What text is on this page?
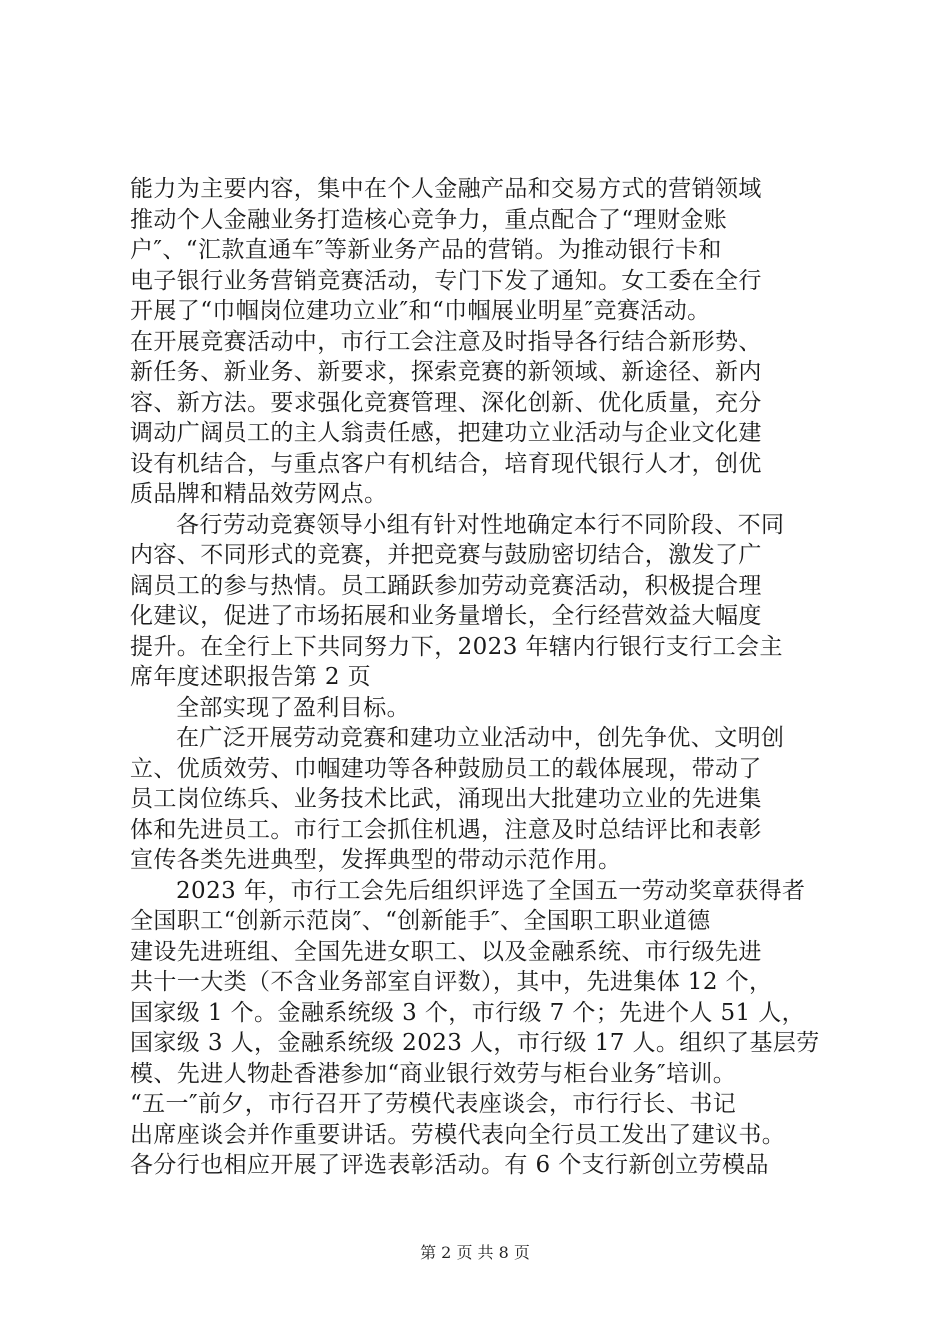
能力为主要内容，集中在个人金融产品和交易方式的营销领域
推动个人金融业务打造核心竞争力，重点配合了“理财金账
户″、“汇款直通车″等新业务产品的营销。为推动银行卡和
电子银行业务营销竞赛活动，专门下发了通知。女工委在全行
开展了“巾帼岗位建功立业″和“巾帼展业明星″竞赛活动。
在开展竞赛活动中，市行工会注意及时指导各行结合新形势、
新任务、新业务、新要求，探索竞赛的新领域、新途径、新内
容、新方法。要求强化竞赛管理、深化创新、优化质量，充分
调动广阔员工的主人翁责任感，把建功立业活动与企业文化建
设有机结合，与重点客户有机结合，培育现代银行人才，创优
质品牌和精品效劳网点。
各行劳动竞赛领导小组有针对性地确定本行不同阶段、不同
内容、不同形式的竞赛，并把竞赛与鼓励密切结合，激发了广
阔员工的参与热情。员工踊跃参加劳动竞赛活动，积极提合理
化建议，促进了市场拓展和业务量增长，全行经营效益大幅度
提升。在全行上下共同努力下，2023 年辖内行银行支行工会主
席年度述职报告第 2 页
全部实现了盈利目标。
在广泛开展劳动竞赛和建功立业活动中，创先争优、文明创
立、优质效劳、巾帼建功等各种鼓励员工的载体展现，带动了
员工岗位练兵、业务技术比武，涌现出大批建功立业的先进集
体和先进员工。市行工会抓住机遇，注意及时总结评比和表彰
宣传各类先进典型，发挥典型的带动示范作用。
2023 年，市行工会先后组织评选了全国五一劳动奖章获得者
全国职工“创新示范岗″、“创新能手″、全国职工职业道德
建设先进班组、全国先进女职工、以及金融系统、市行级先进
共十一大类（不含业务部室自评数），其中，先进集体 12 个，
国家级 1 个。金融系统级 3 个，市行级 7 个；先进个人 51 人，
国家级 3 人，金融系统级 2023 人，市行级 17 人。组织了基层劳
模、先进人物赴香港参加“商业银行效劳与柜台业务″培训。
“五一″前夕，市行召开了劳模代表座谈会，市行行长、书记
出席座谈会并作重要讲话。劳模代表向全行员工发出了建议书。
各分行也相应开展了评选表彰活动。有 6 个支行新创立劳模品
第 2 页 共 8 页
